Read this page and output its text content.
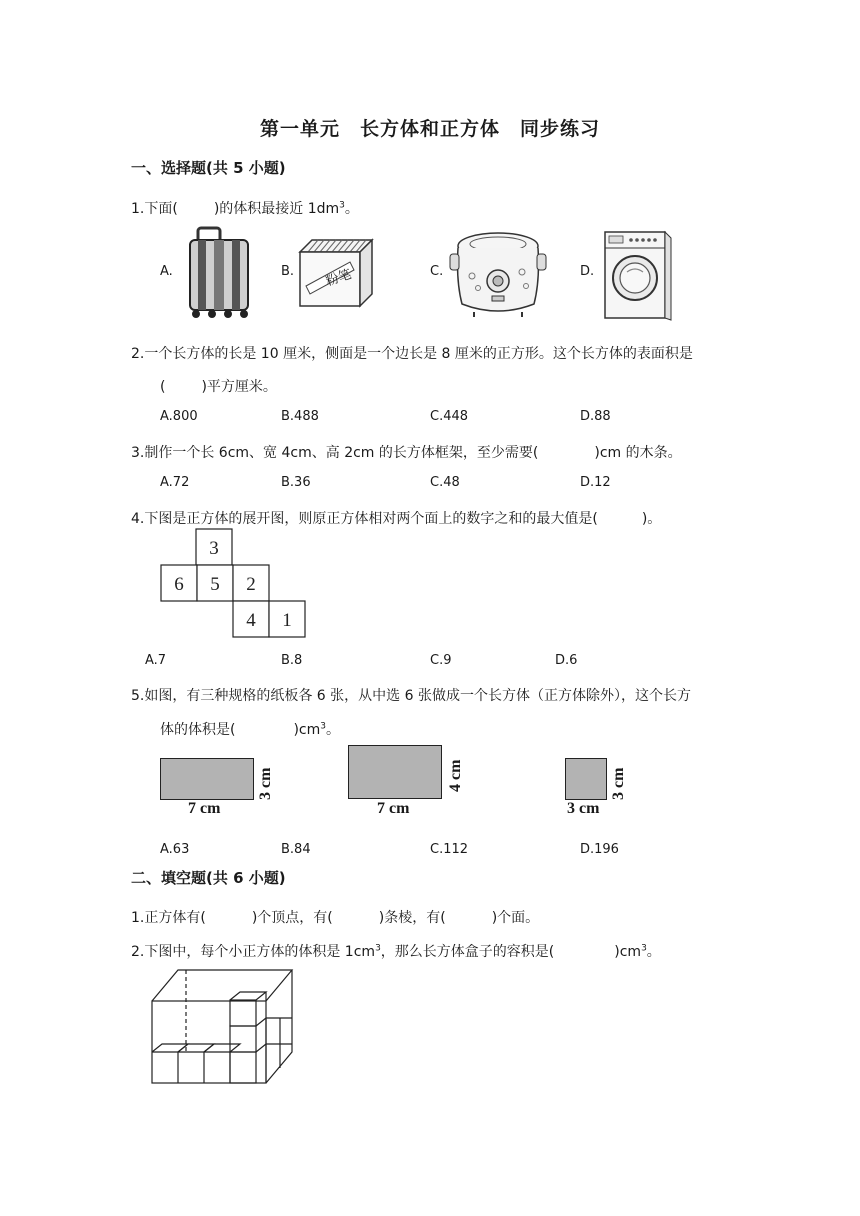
第一单元　长方体和正方体　同步练习
一、选择题(共 5 小题)
1.下面(	)的体积最接近 $1dm^3$。
A.	B.	C.	D.
粉笔
2.一个长方体的长是 10 厘米，侧面是一个边长是 8 厘米的正方形。这个长方体的表面积是
(	)平方厘米。
A.800	B.488	C.448	D.88
3.制作一个长 6cm、宽 4cm、高 2cm 的长方体框架，至少需要(	)cm 的木条。
A.72	B.36	C.48	D.12
4.下图是正方体的展开图，则原正方体相对两个面上的数字之和的最大值是(	)。
3
6 5 2
4 1
A.7	B.8	C.9	D.6
5.如图，有三种规格的纸板各 6 张，从中选 6 张做成一个长方体（正方体除外），这个长方
体的体积是(	)$cm^3$。
7 cm
3 cm
7 cm
4 cm
3 cm
3 cm
A.63	B.84	C.112	D.196
二、填空题(共 6 小题)
1.正方体有(	)个顶点，有(	)条棱，有(	)个面。
2.下图中，每个小正方体的体积是 $1cm^3$，那么长方体盒子的容积是(	)$cm^3$。
